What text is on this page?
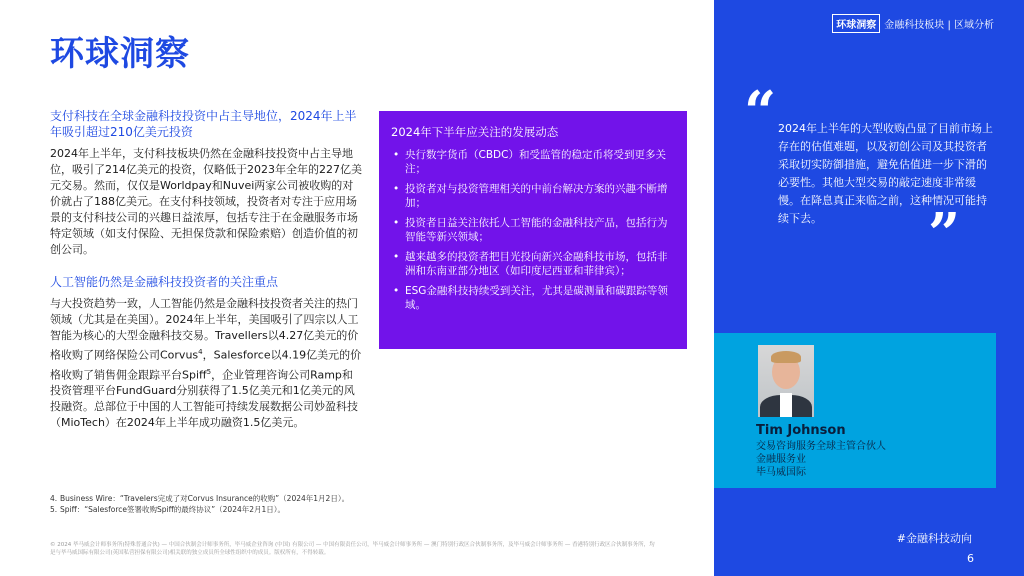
环球洞察
支付科技在全球金融科技投资中占主导地位，2024年上半年吸引超过210亿美元投资
2024年上半年，支付科技板块仍然在金融科技投资中占主导地位，吸引了214亿美元的投资，仅略低于2023年全年的227亿美元交易。然而，仅仅是Worldpay和Nuvei两家公司被收购的对价就占了188亿美元。在支付科技领域，投资者对专注于应用场景的支付科技公司的兴趣日益浓厚，包括专注于在金融服务市场特定领域（如支付保险、无担保贷款和保险索赔）创造价值的初创公司。
人工智能仍然是金融科技投资者的关注重点
与大投资趋势一致，人工智能仍然是金融科技投资者关注的热门领域（尤其是在美国）。2024年上半年，美国吸引了四宗以人工智能为核心的大型金融科技交易。Travellers以4.27亿美元的价格收购了网络保险公司Corvus$^4$，Salesforce以4.19亿美元的价格收购了销售佣金跟踪平台Spiff$^5$，企业管理咨询公司Ramp和投资管理平台FundGuard分别获得了1.5亿美元和1亿美元的风投融资。总部位于中国的人工智能可持续发展数据公司妙盈科技（MioTech）在2024年上半年成功融资1.5亿美元。
2024年下半年应关注的发展动态
• 央行数字货币（CBDC）和受监管的稳定币将受到更多关注；
• 投资者对与投资管理相关的中前台解决方案的兴趣不断增加；
• 投资者日益关注依托人工智能的金融科技产品，包括行为智能等新兴领域；
• 越来越多的投资者把目光投向新兴金融科技市场，包括非洲和东南亚部分地区（如印度尼西亚和菲律宾）；
• ESG金融科技持续受到关注，尤其是碳测量和碳跟踪等领域。
环球洞察 金融科技板块 | 区域分析
“ 2024年上半年的大型收购凸显了目前市场上存在的估值难题，以及初创公司及其投资者采取切实防御措施，避免估值进一步下滑的必要性。其他大型交易的敲定速度非常缓慢。在降息真正来临之前，这种情况可能持续下去。	”
#金融科技动向
6
Tim Johnson
交易咨询服务全球主管合伙人
金融服务业
毕马威国际
4. Business Wire：“Travelers完成了对Corvus Insurance的收购”（2024年1月2日）。
5. Spiff：“Salesforce签署收购Spiff的最终协议”（2024年2月1日）。
© 2024 毕马威会计师事务所(特殊普通合伙) — 中国合伙制会计师事务所，毕马威企业咨询 (中国) 有限公司 — 中国有限责任公司，毕马威会计师事务所 — 澳门特别行政区合伙制事务所，及毕马威会计师事务所 — 香港特别行政区合伙制事务所，均是与毕马威国际有限公司(英国私营担保有限公司)相关联的独立成员所全球性组织中的成员。版权所有，不得转载。
